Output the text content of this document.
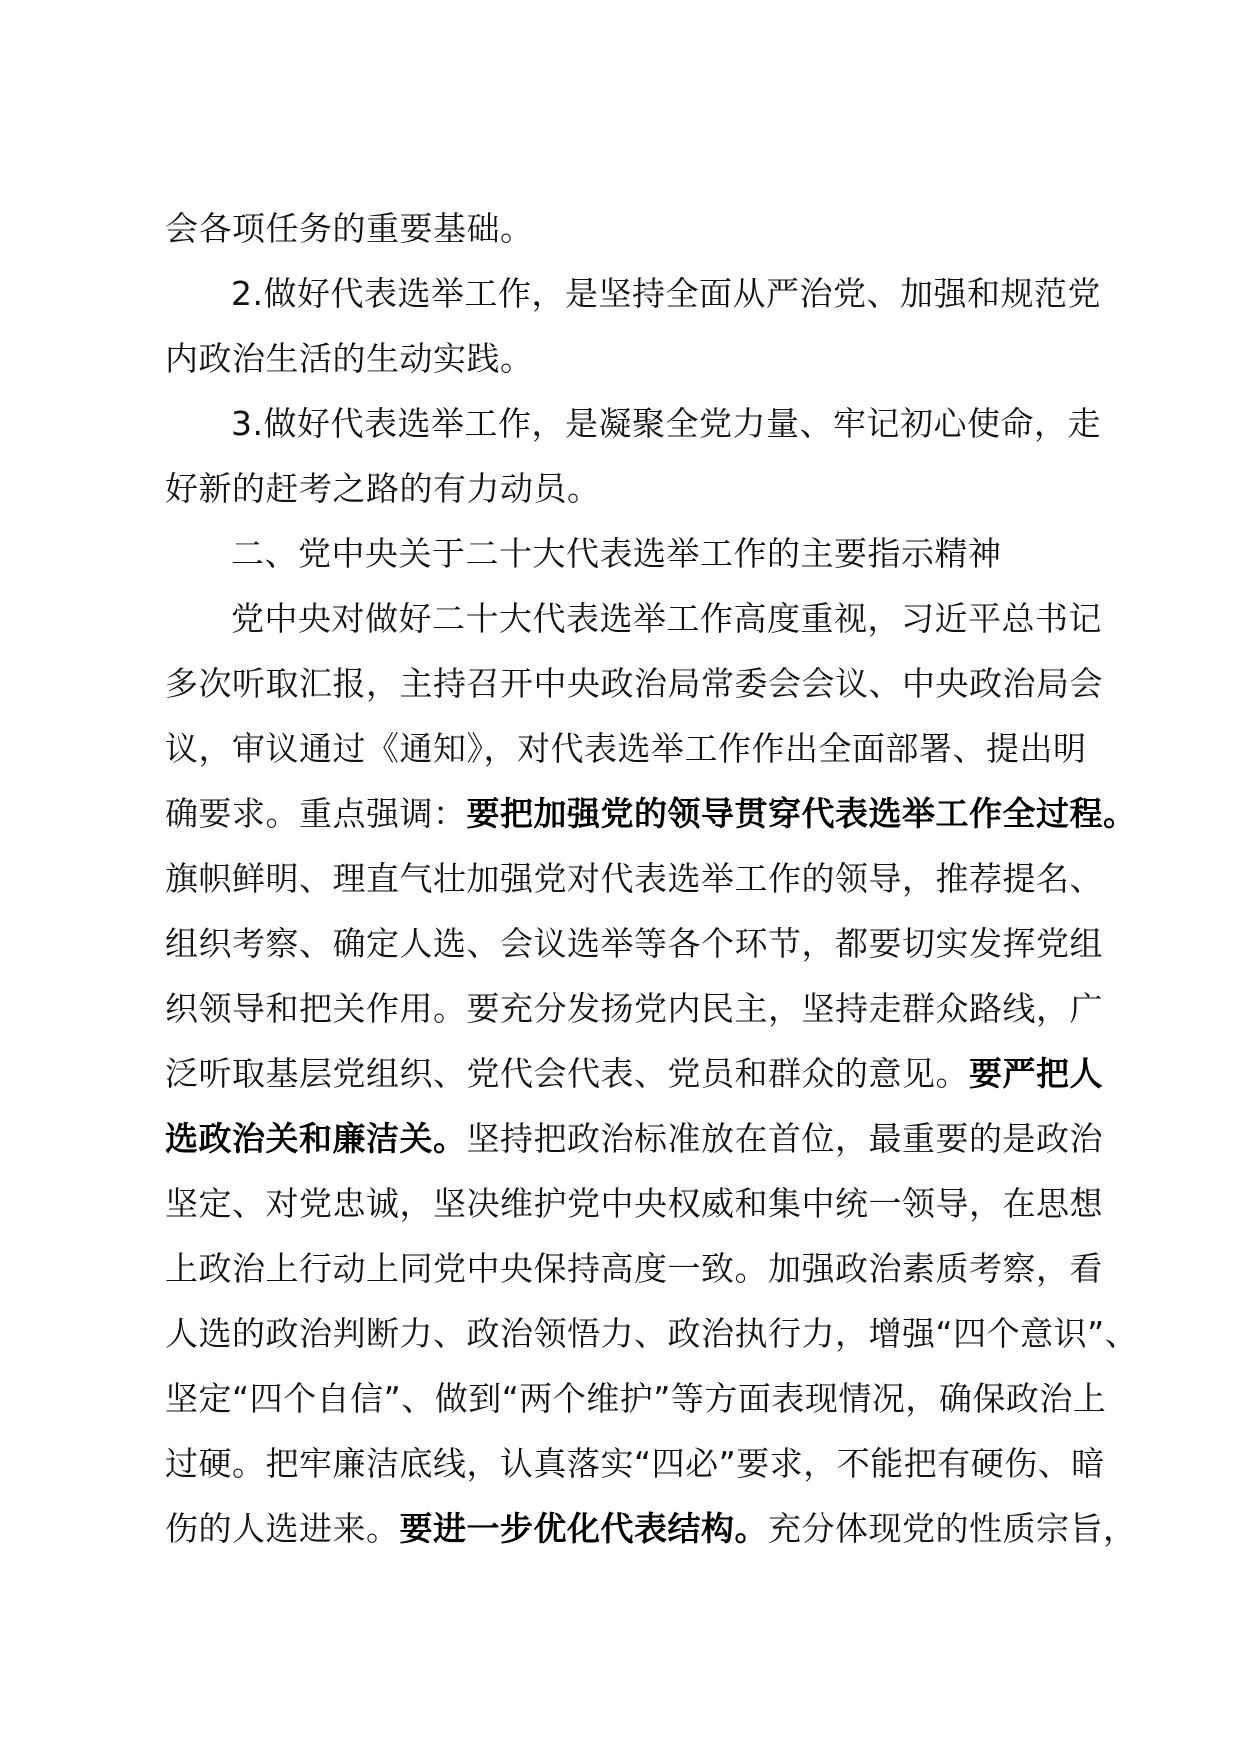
会各项任务的重要基础。
2.做好代表选举工作，是坚持全面从严治党、加强和规范党
内政治生活的生动实践。
3.做好代表选举工作，是凝聚全党力量、牢记初心使命，走
好新的赶考之路的有力动员。
二、党中央关于二十大代表选举工作的主要指示精神
党中央对做好二十大代表选举工作高度重视，习近平总书记
多次听取汇报，主持召开中央政治局常委会会议、中央政治局会
议，审议通过《通知》，对代表选举工作作出全面部署、提出明
确要求。重点强调：要把加强党的领导贯穿代表选举工作全过程。
旗帜鲜明、理直气壮加强党对代表选举工作的领导，推荐提名、
组织考察、确定人选、会议选举等各个环节，都要切实发挥党组
织领导和把关作用。要充分发扬党内民主，坚持走群众路线，广
泛听取基层党组织、党代会代表、党员和群众的意见。要严把人
选政治关和廉洁关。坚持把政治标准放在首位，最重要的是政治
坚定、对党忠诚，坚决维护党中央权威和集中统一领导，在思想
上政治上行动上同党中央保持高度一致。加强政治素质考察，看
人选的政治判断力、政治领悟力、政治执行力，增强“四个意识”、
坚定“四个自信”、做到“两个维护”等方面表现情况，确保政治上
过硬。把牢廉洁底线，认真落实“四必”要求，不能把有硬伤、暗
伤的人选进来。要进一步优化代表结构。充分体现党的性质宗旨，
